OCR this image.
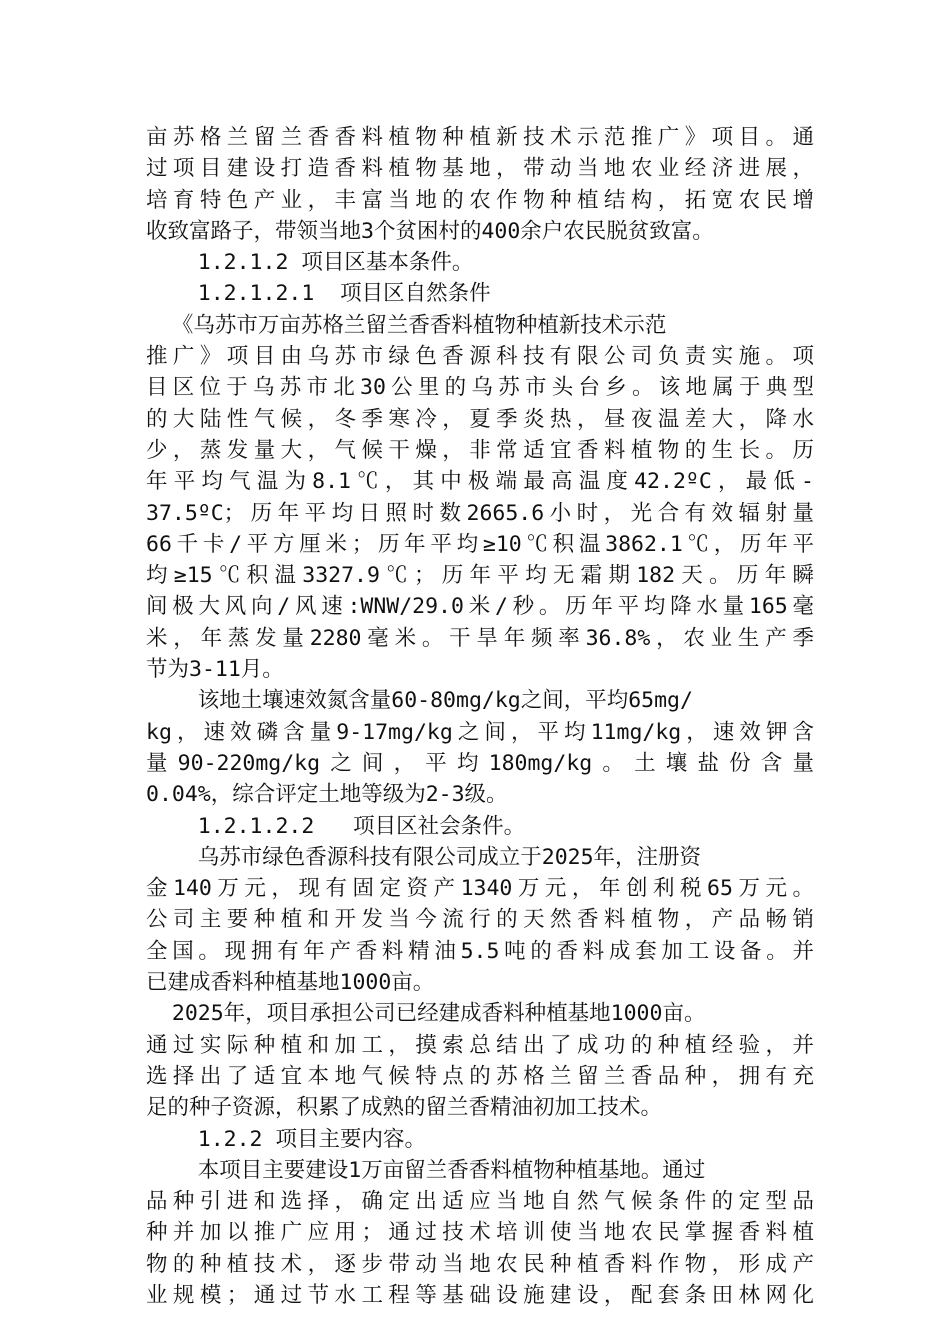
亩苏格兰留兰香香料植物种植新技术示范推广》项目。通
过项目建设打造香料植物基地，带动当地农业经济进展，
培育特色产业，丰富当地的农作物种植结构，拓宽农民增
收致富路子，带领当地3个贫困村的400余户农民脱贫致富。
1.2.1.2 项目区基本条件。
1.2.1.2.1  项目区自然条件
《乌苏市万亩苏格兰留兰香香料植物种植新技术示范
推广》项目由乌苏市绿色香源科技有限公司负责实施。项
目区位于乌苏市北30公里的乌苏市头台乡。该地属于典型
的大陆性气候，冬季寒冷，夏季炎热，昼夜温差大，降水
少，蒸发量大，气候干燥，非常适宜香料植物的生长。历
年平均气温为8.1℃，其中极端最高温度42.2ºC，最低-
37.5ºC；历年平均日照时数2665.6小时，光合有效辐射量
66千卡/平方厘米；历年平均≥10℃积温3862.1℃，历年平
均≥15℃积温3327.9℃；历年平均无霜期182天。历年瞬
间极大风向/风速:WNW/29.0米/秒。历年平均降水量165毫
米，年蒸发量2280毫米。干旱年频率36.8%，农业生产季
节为3-11月。
该地土壤速效氮含量60-80mg/kg之间，平均65mg/
kg，速效磷含量9-17mg/kg之间，平均11mg/kg，速效钾含
量90-220mg/kg之间，平均180mg/kg。土壤盐份含量
0.04%，综合评定土地等级为2-3级。
1.2.1.2.2   项目区社会条件。
乌苏市绿色香源科技有限公司成立于2025年，注册资
金140万元，现有固定资产1340万元，年创利税65万元。
公司主要种植和开发当今流行的天然香料植物，产品畅销
全国。现拥有年产香料精油5.5吨的香料成套加工设备。并
已建成香料种植基地1000亩。
2025年，项目承担公司已经建成香料种植基地1000亩。
通过实际种植和加工，摸索总结出了成功的种植经验，并
选择出了适宜本地气候特点的苏格兰留兰香品种，拥有充
足的种子资源，积累了成熟的留兰香精油初加工技术。
1.2.2 项目主要内容。
本项目主要建设1万亩留兰香香料植物种植基地。通过
品种引进和选择，确定出适应当地自然气候条件的定型品
种并加以推广应用；通过技术培训使当地农民掌握香料植
物的种植技术，逐步带动当地农民种植香料作物，形成产
业规模；通过节水工程等基础设施建设，配套条田林网化
